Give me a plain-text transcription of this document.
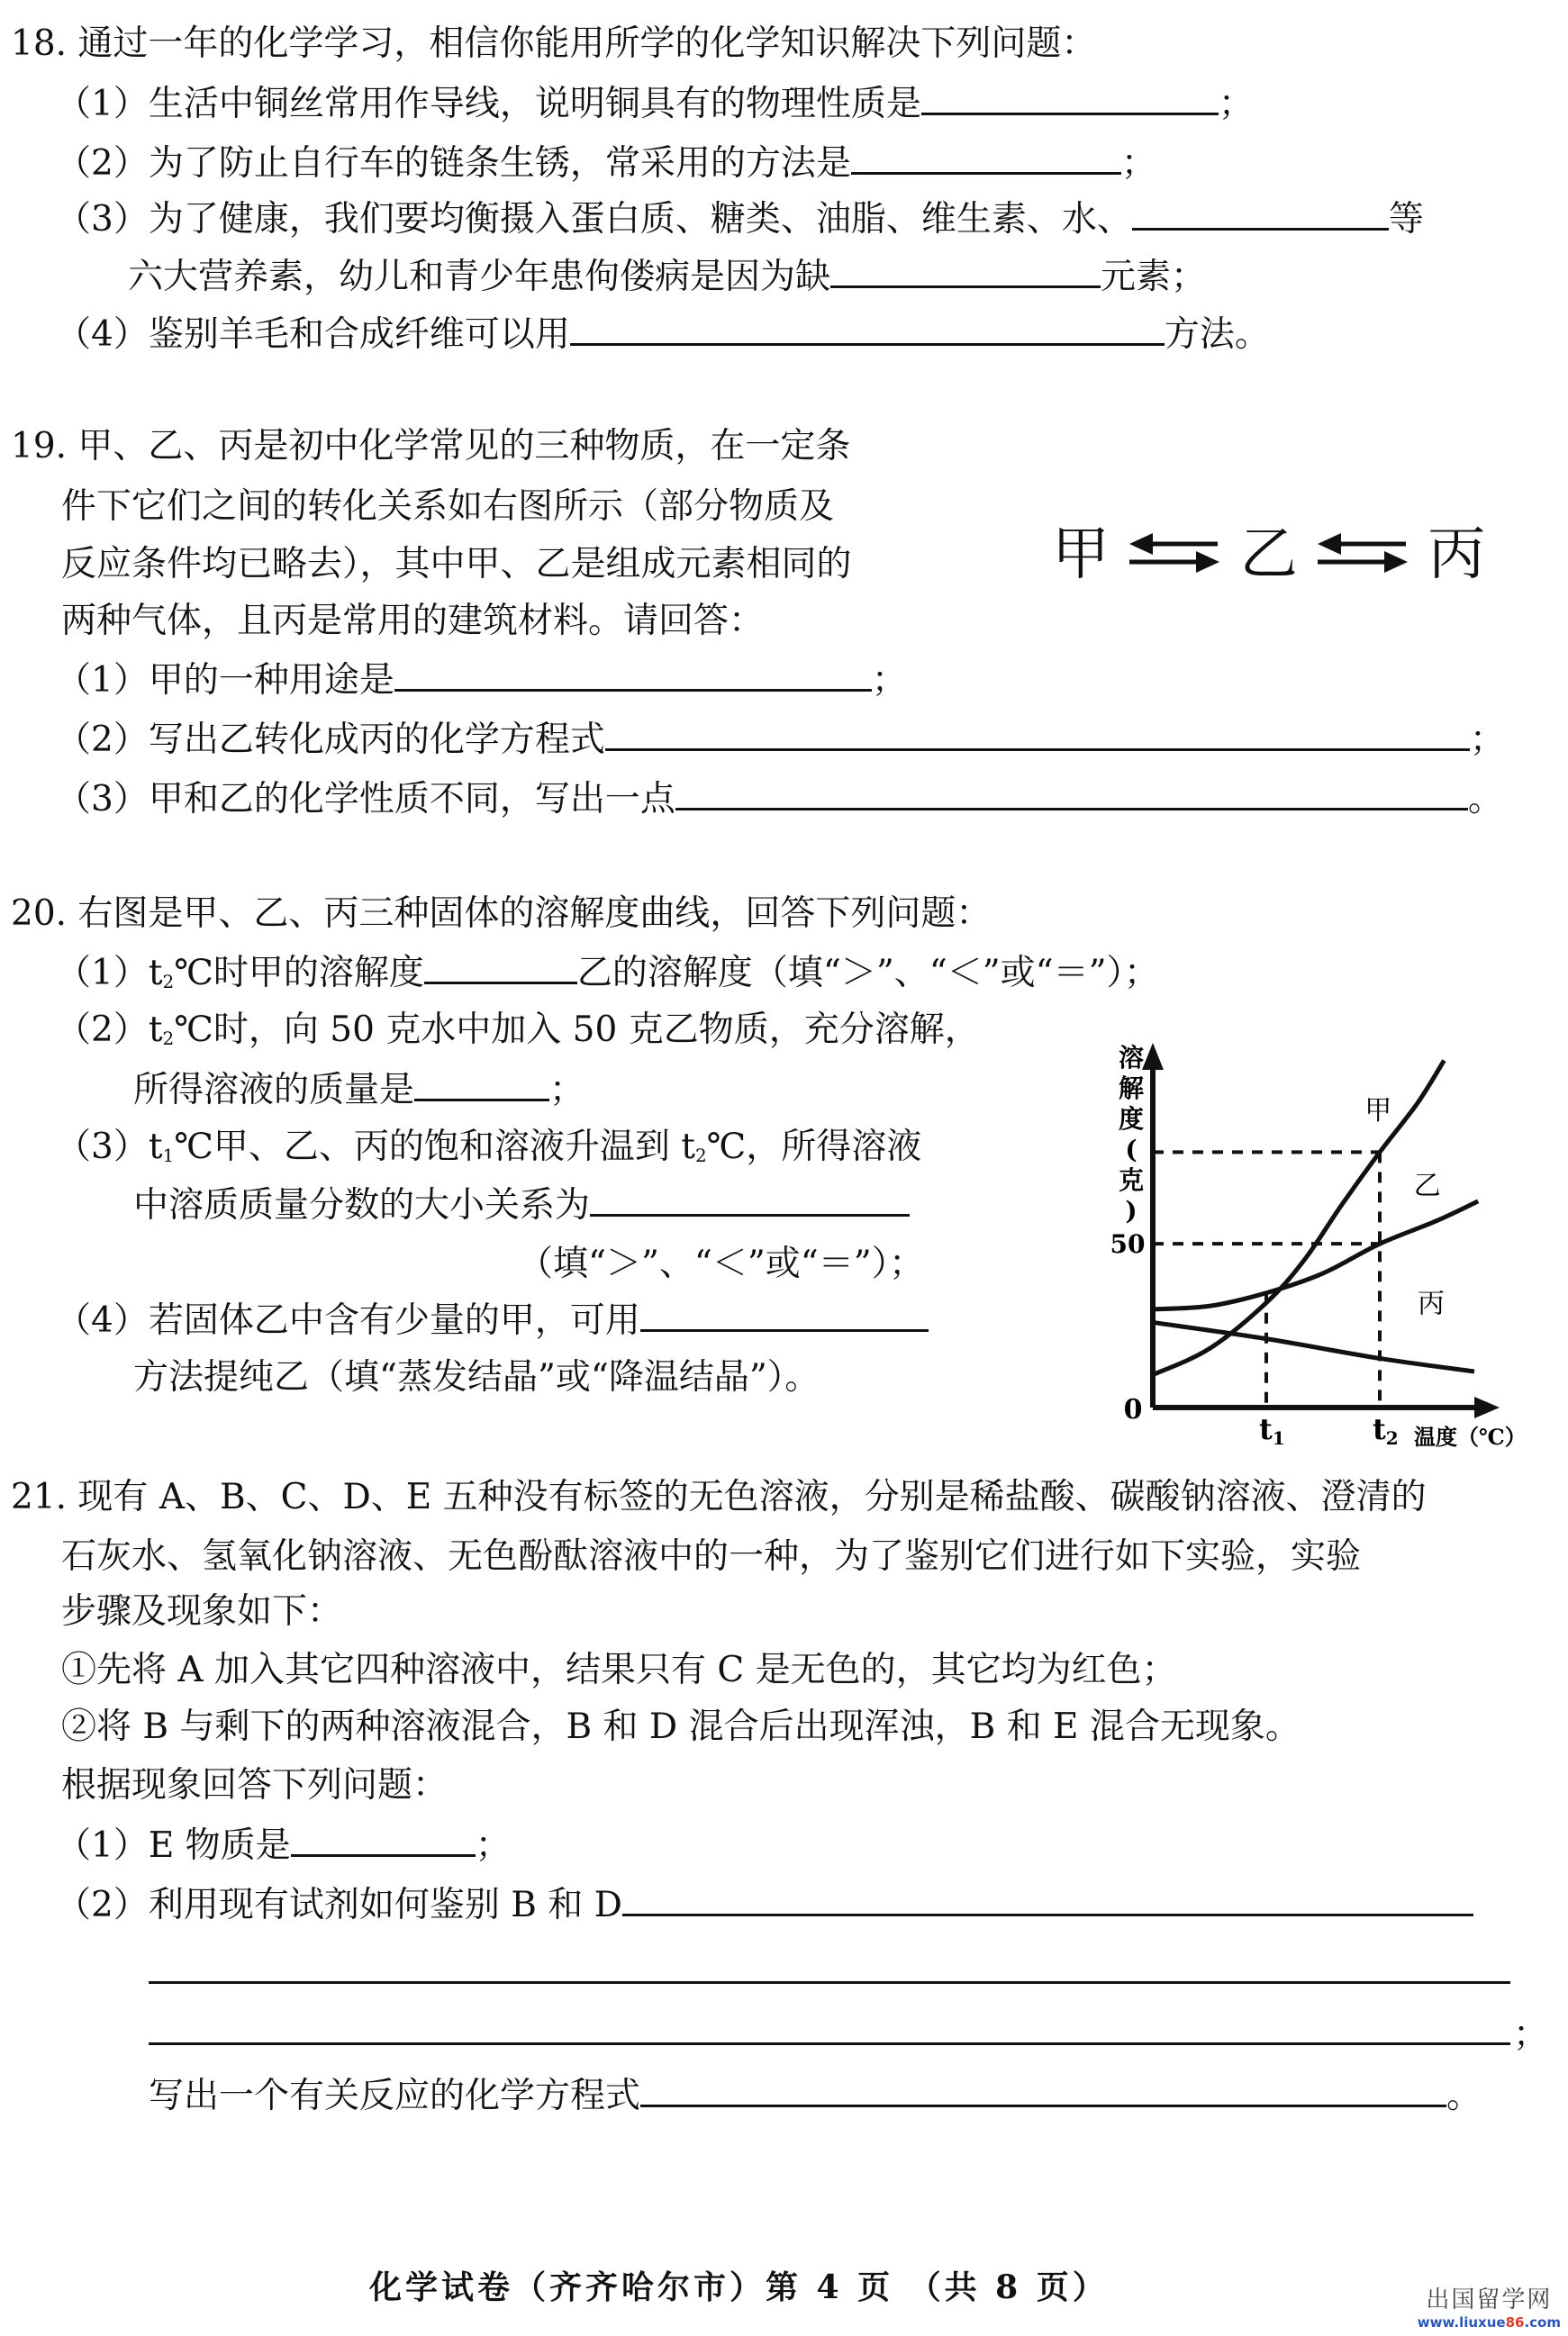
18. 通过一年的化学学习，相信你能用所学的化学知识解决下列问题：
（1）生活中铜丝常用作导线，说明铜具有的物理性质是	；
（2）为了防止自行车的链条生锈，常采用的方法是	；
（3）为了健康，我们要均衡摄入蛋白质、糖类、油脂、维生素、水、	等
六大营养素，幼儿和青少年患佝偻病是因为缺	元素；
（4）鉴别羊毛和合成纤维可以用	方法。
19. 甲、乙、丙是初中化学常见的三种物质，在一定条
件下它们之间的转化关系如右图所示（部分物质及
反应条件均已略去），其中甲、乙是组成元素相同的
两种气体，且丙是常用的建筑材料。请回答：
甲 ⇌ 乙 ⇌ 丙
（1）甲的一种用途是	；
（2）写出乙转化成丙的化学方程式	；
（3）甲和乙的化学性质不同，写出一点	。
20. 右图是甲、乙、丙三种固体的溶解度曲线，回答下列问题：
$(1)t_2℃$时甲的溶解度	乙的溶解度（填“＞”、“＜”或“＝”）；
$(2)t_2℃$时，向 50 克水中加入 50 克乙物质，充分溶解，
所得溶液的质量是	；
$(3)t_1℃$甲、乙、丙的饱和溶液升温到 $t_2℃$，所得溶液
中溶质质量分数的大小关系为
（填“＞”、“＜”或“＝”）；
（4）若固体乙中含有少量的甲，可用
方法提纯乙（填“蒸发结晶”或“降温结晶”）。
溶
解
度
(
克
)
甲
乙
丙
0
50
t1	t2 温度（℃）
21. 现有 A、B、C、D、E 五种没有标签的无色溶液，分别是稀盐酸、碳酸钠溶液、澄清的
石灰水、氢氧化钠溶液、无色酚酞溶液中的一种，为了鉴别它们进行如下实验，实验
步骤及现象如下：
①先将 A 加入其它四种溶液中，结果只有 C 是无色的，其它均为红色；
②将 B 与剩下的两种溶液混合，B 和 D 混合后出现浑浊，B 和 E 混合无现象。
根据现象回答下列问题：
（1）E 物质是	；
（2）利用现有试剂如何鉴别 B 和 D
；
写出一个有关反应的化学方程式	。
化学试卷（齐齐哈尔市）第 4 页 （共 8 页）	出国留学网
www.liuxue86.com
